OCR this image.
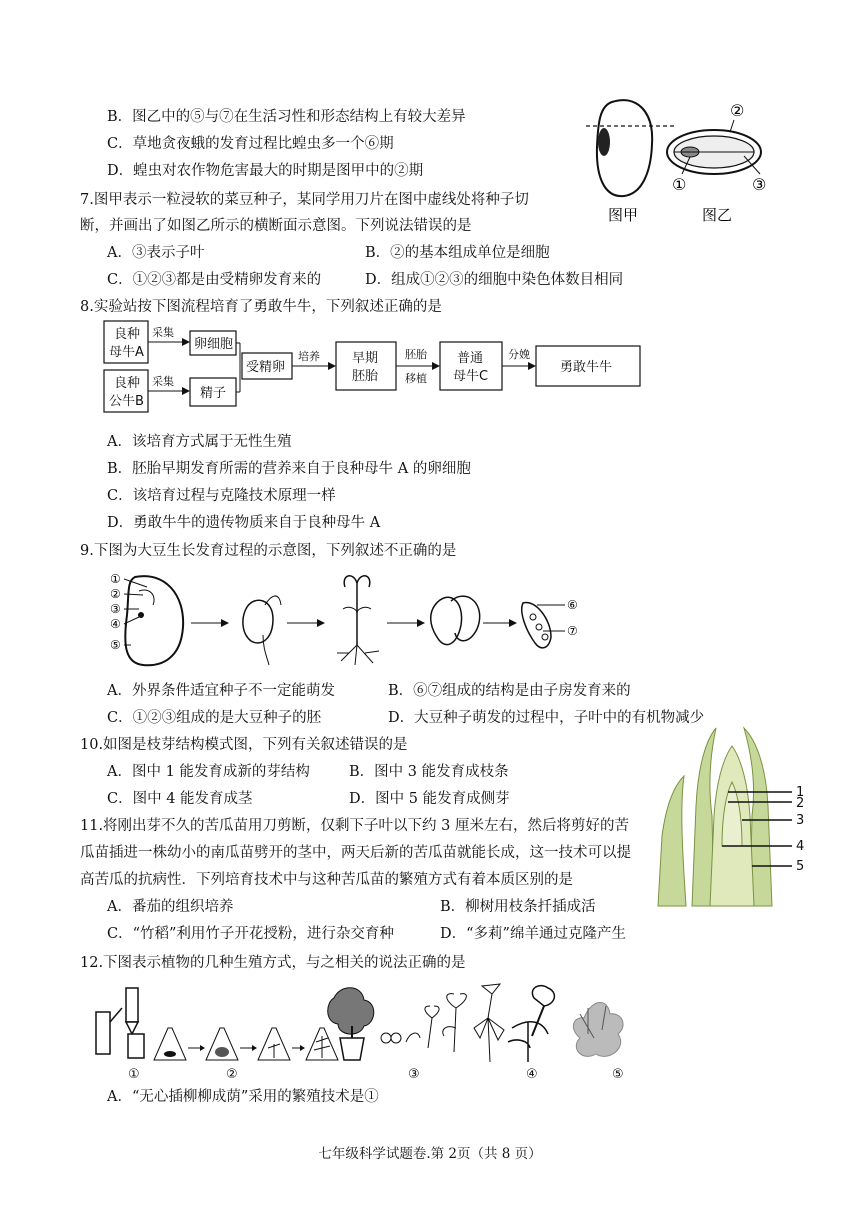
B．图乙中的⑤与⑦在生活习性和形态结构上有较大差异
C．草地贪夜蛾的发育过程比蝗虫多一个⑥期
D．蝗虫对农作物危害最大的时期是图甲中的②期
②
①	③
图甲	图乙
7.图甲表示一粒浸软的菜豆种子，某同学用刀片在图中虚线处将种子切
断，并画出了如图乙所示的横断面示意图。下列说法错误的是
A．③表示子叶	B．②的基本组成单位是细胞
C．①②③都是由受精卵发育来的	D．组成①②③的细胞中染色体数目相同
8.实验站按下图流程培育了勇敢牛牛，下列叙述正确的是
良种
母牛A
良种
公牛B
采集
采集
卵细胞
精子
受精卵
培养 早期
胚胎
胚胎
移植
普通
母牛C
分娩
勇敢牛牛
A．该培育方式属于无性生殖
B．胚胎早期发育所需的营养来自于良种母牛 A 的卵细胞
C．该培育过程与克隆技术原理一样
D．勇敢牛牛的遗传物质来自于良种母牛 A
9.下图为大豆生长发育过程的示意图，下列叙述不正确的是
①
②
③
④
⑤
⑥
⑦
A．外界条件适宜种子不一定能萌发	B．⑥⑦组成的结构是由子房发育来的
C．①②③组成的是大豆种子的胚	D．大豆种子萌发的过程中，子叶中的有机物减少
1
2
3
4
5
10.如图是枝芽结构模式图，下列有关叙述错误的是
A．图中 1 能发育成新的芽结构	B．图中 3 能发育成枝条
C．图中 4 能发育成茎	D．图中 5 能发育成侧芽
11.将刚出芽不久的苦瓜苗用刀剪断，仅剩下子叶以下约 3 厘米左右，然后将剪好的苦
瓜苗插进一株幼小的南瓜苗劈开的茎中，两天后新的苦瓜苗就能长成，这一技术可以提
高苦瓜的抗病性．下列培育技术中与这种苦瓜苗的繁殖方式有着本质区别的是
A．番茄的组织培养	B．柳树用枝条扦插成活
C．“竹稻”利用竹子开花授粉，进行杂交育种	D．“多莉”绵羊通过克隆产生
12.下图表示植物的几种生殖方式，与之相关的说法正确的是
①	②	③	④	⑤
A．“无心插柳柳成荫”采用的繁殖技术是①
七年级科学试题卷.第 2页（共 8 页）
